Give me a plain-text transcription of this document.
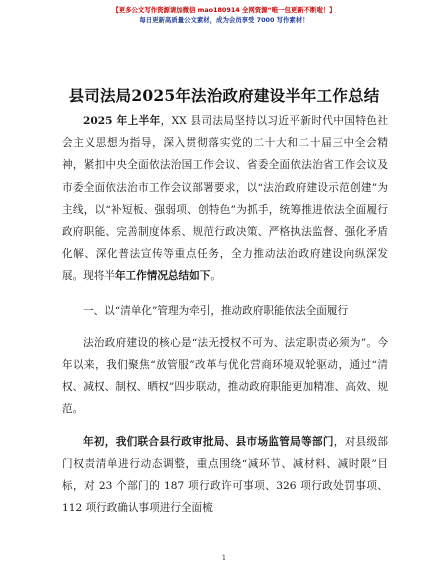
【更多公文写作资源请加微信 mao180914 全网资源“唯一包更新不断啦！】
每日更新高质量公文素材，成为会员享受 7000 写作素材！
县司法局2025年法治政府建设半年工作总结

2025 年上半年，XX 县司法局坚持以习近平新时代中国特色社会主义思想为指导，深入贯彻落实党的二十大和二十届三中全会精神，紧扣中央全面依法治国工作会议、省委全面依法治省工作会议及市委全面依法治市工作会议部署要求，以“法治政府建设示范创建”为主线，以“补短板、强弱项、创特色”为抓手，统筹推进依法全面履行政府职能、完善制度体系、规范行政决策、严格执法监督、强化矛盾化解、深化普法宣传等重点任务，全力推动法治政府建设向纵深发展。现将半年工作情况总结如下。

一、以“清单化”管理为牵引，推动政府职能依法全面履行

法治政府建设的核心是“法无授权不可为、法定职责必须为”。今年以来，我们聚焦“放管服”改革与优化营商环境双轮驱动，通过“清权、减权、制权、晒权”四步联动，推动政府职能更加精准、高效、规范。

年初，我们联合县行政审批局、县市场监管局等部门，对县级部门权责清单进行动态调整，重点围绕“减环节、减材料、减时限”目标，对 23 个部门的 187 项行政许可事项、326 项行政处罚事项、112 项行政确认事项进行全面梳

1
